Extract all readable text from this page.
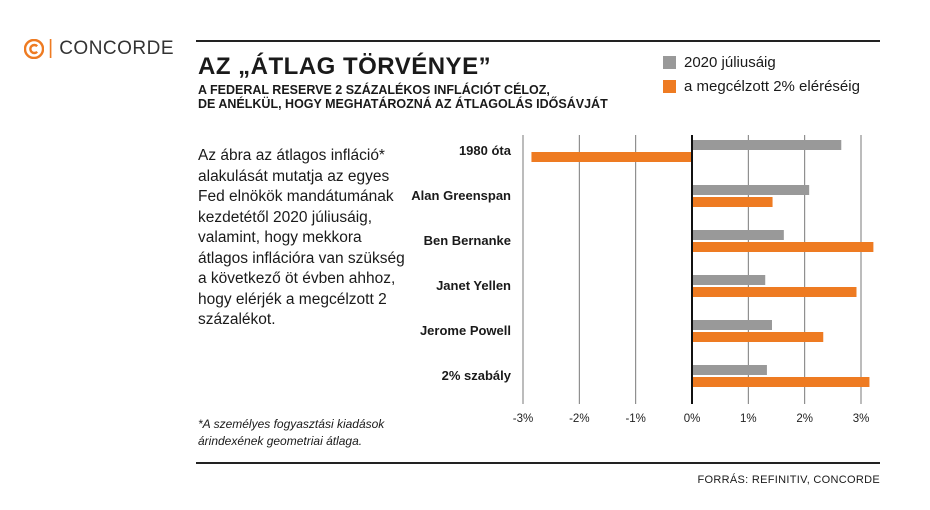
| CONCORDE
AZ „ÁTLAG TÖRVÉNYE”
A FEDERAL RESERVE 2 SZÁZALÉKOS INFLÁCIÓT CÉLOZ,
DE ANÉLKÜL, HOGY MEGHATÁROZNÁ AZ ÁTLAGOLÁS IDŐSÁVJÁT
2020 júliusáig
a megcélzott 2% eléréséig
Az ábra az átlagos infláció* alakulását mutatja az egyes Fed elnökök mandátumának kezdetétől 2020 júliusáig, valamint, hogy mekkora átlagos inflációra van szükség a következő öt évben ahhoz, hogy elérjék a megcélzott 2 százalékot.
*A személyes fogyasztási kiadások árindexének geometriai átlaga.
FORRÁS: REFINITIV, CONCORDE
-3%	-2%	-1%	0%	1%	2%	3%
1980 óta
Alan Greenspan
Ben Bernanke
Janet Yellen
Jerome Powell
2% szabály
